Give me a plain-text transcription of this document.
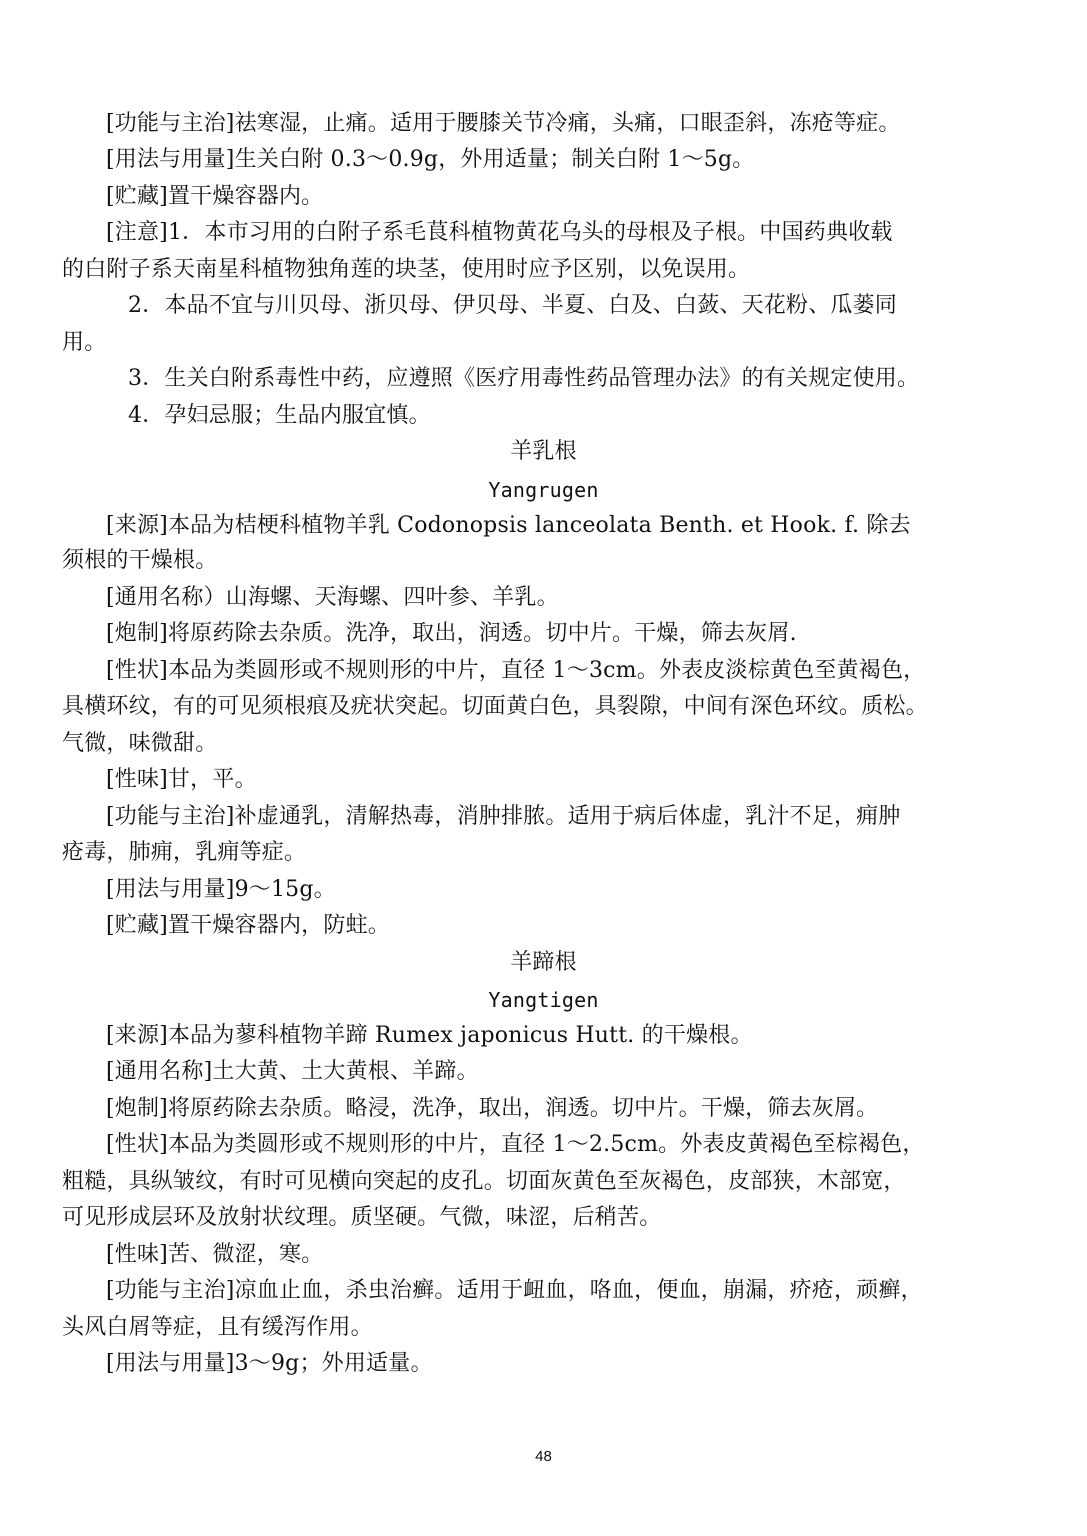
[功能与主治]祛寒湿，止痛。适用于腰膝关节冷痛，头痛，口眼歪斜，冻疮等症。
[用法与用量]生关白附 0.3～0.9g，外用适量；制关白附 1～5g。
[贮藏]置干燥容器内。
[注意]1．本市习用的白附子系毛茛科植物黄花乌头的母根及子根。中国药典收载
的白附子系天南星科植物独角莲的块茎，使用时应予区别，以免误用。
2．本品不宜与川贝母、浙贝母、伊贝母、半夏、白及、白蔹、天花粉、瓜蒌同
用。
3．生关白附系毒性中药，应遵照《医疗用毒性药品管理办法》的有关规定使用。
4．孕妇忌服；生品内服宜慎。
羊乳根
Yangrugen
[来源]本品为桔梗科植物羊乳 Codonopsis lanceolata Benth. et Hook. f. 除去
须根的干燥根。
[通用名称）山海螺、天海螺、四叶参、羊乳。
[炮制]将原药除去杂质。洗净，取出，润透。切中片。干燥，筛去灰屑.
[性状]本品为类圆形或不规则形的中片，直径 1～3cm。外表皮淡棕黄色至黄褐色，
具横环纹，有的可见须根痕及疣状突起。切面黄白色，具裂隙，中间有深色环纹。质松。
气微，味微甜。
[性味]甘，平。
[功能与主治]补虚通乳，清解热毒，消肿排脓。适用于病后体虚，乳汁不足，痈肿
疮毒，肺痈，乳痈等症。
[用法与用量]9～15g。
[贮藏]置干燥容器内，防蛀。
羊蹄根
Yangtigen
[来源]本品为蓼科植物羊蹄 Rumex japonicus Hutt. 的干燥根。
[通用名称]土大黄、土大黄根、羊蹄。
[炮制]将原药除去杂质。略浸，洗净，取出，润透。切中片。干燥，筛去灰屑。
[性状]本品为类圆形或不规则形的中片，直径 1～2.5cm。外表皮黄褐色至棕褐色，
粗糙，具纵皱纹，有时可见横向突起的皮孔。切面灰黄色至灰褐色，皮部狭，木部宽，
可见形成层环及放射状纹理。质坚硬。气微，味涩，后稍苦。
[性味]苦、微涩，寒。
[功能与主治]凉血止血，杀虫治癣。适用于衄血，咯血，便血，崩漏，疥疮，顽癣，
头风白屑等症，且有缓泻作用。
[用法与用量]3～9g；外用适量。
48
